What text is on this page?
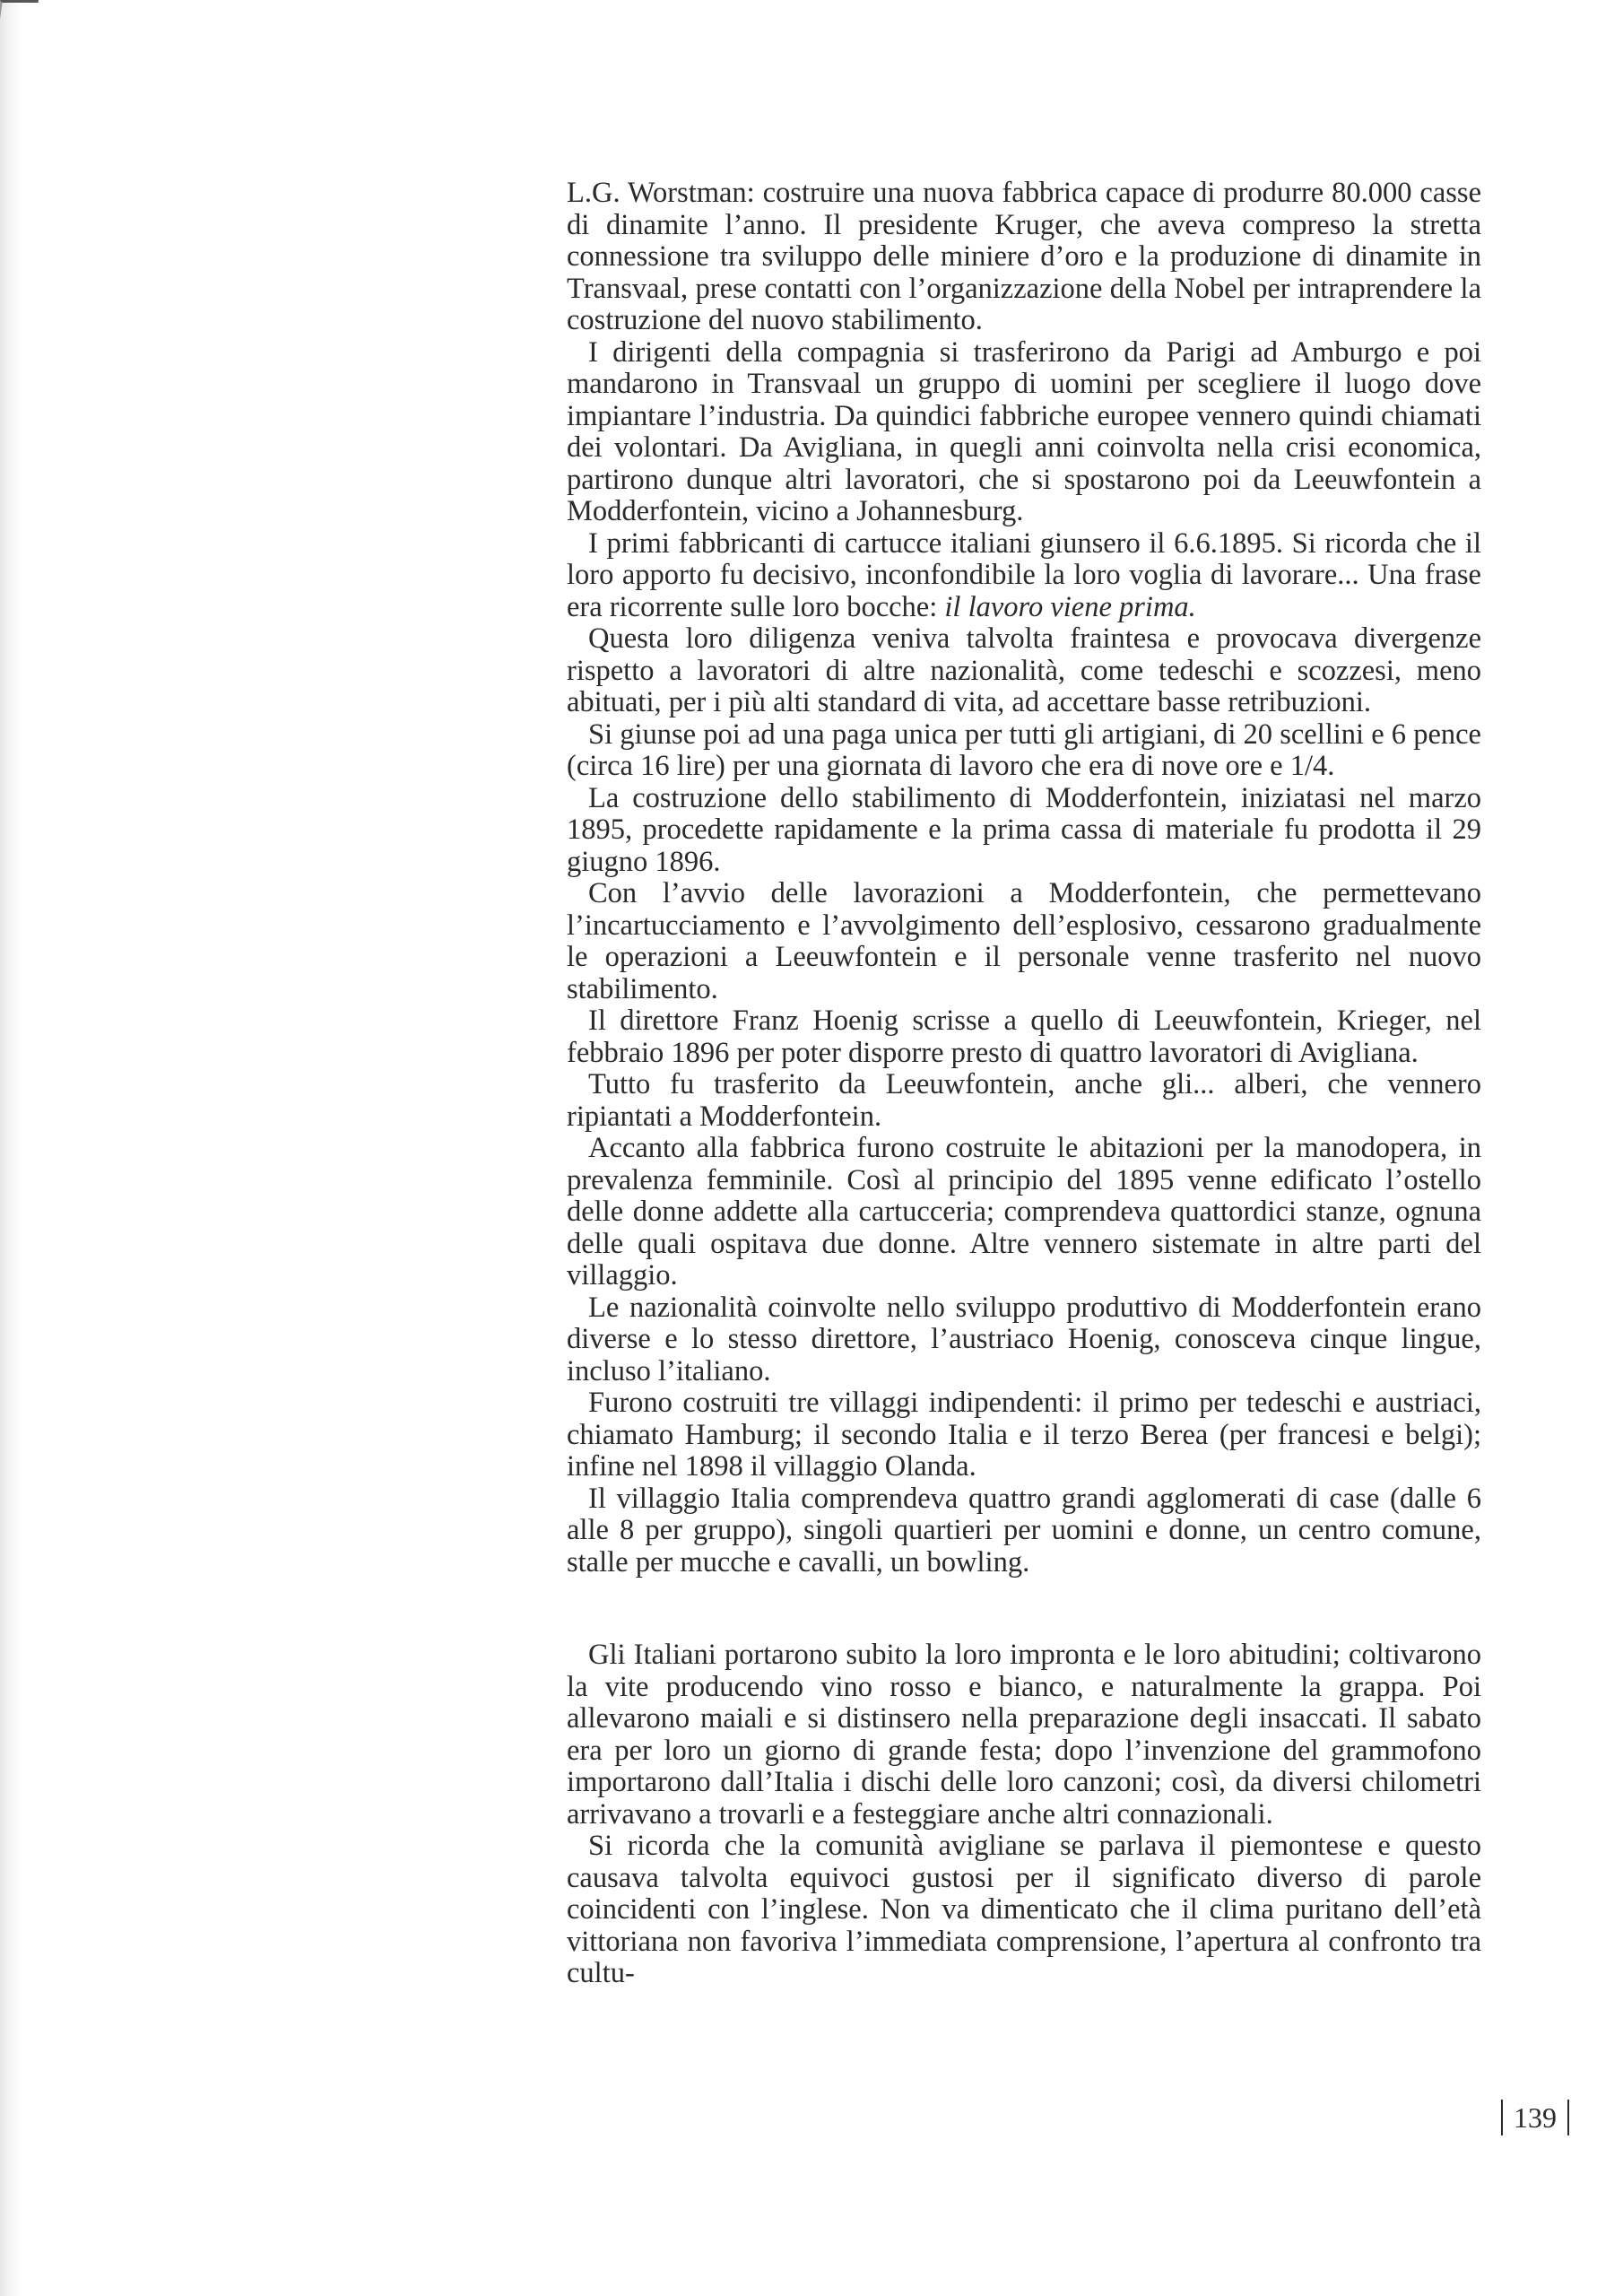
L.G. Worstman: costruire una nuova fabbrica capace di produrre 80.000 casse di dinamite l’anno. Il presidente Kruger, che aveva compreso la stretta connessione tra sviluppo delle miniere d’oro e la produzione di dinamite in Transvaal, prese contatti con l’organizzazione della Nobel per intraprendere la costruzione del nuovo stabilimento.

I dirigenti della compagnia si trasferirono da Parigi ad Amburgo e poi mandarono in Transvaal un gruppo di uomini per scegliere il luogo dove impiantare l’industria. Da quindici fabbriche europee vennero quindi chiamati dei volontari. Da Avigliana, in quegli anni coinvolta nella crisi economica, partirono dunque altri lavoratori, che si spostarono poi da Leeuwfontein a Modderfontein, vicino a Johannesburg.

I primi fabbricanti di cartucce italiani giunsero il 6.6.1895. Si ricorda che il loro apporto fu decisivo, inconfondibile la loro voglia di lavorare... Una frase era ricorrente sulle loro bocche: il lavoro viene prima.

Questa loro diligenza veniva talvolta fraintesa e provocava divergenze rispetto a lavoratori di altre nazionalità, come tedeschi e scozzesi, meno abituati, per i più alti standard di vita, ad accettare basse retribuzioni.

Si giunse poi ad una paga unica per tutti gli artigiani, di 20 scellini e 6 pence (circa 16 lire) per una giornata di lavoro che era di nove ore e 1/4.

La costruzione dello stabilimento di Modderfontein, iniziatasi nel marzo 1895, procedette rapidamente e la prima cassa di materiale fu prodotta il 29 giugno 1896.

Con l’avvio delle lavorazioni a Modderfontein, che permettevano l’incartucciamento e l’avvolgimento dell’esplosivo, cessarono gradualmente le operazioni a Leeuwfontein e il personale venne trasferito nel nuovo stabilimento.

Il direttore Franz Hoenig scrisse a quello di Leeuwfontein, Krieger, nel febbraio 1896 per poter disporre presto di quattro lavoratori di Avigliana.

Tutto fu trasferito da Leeuwfontein, anche gli... alberi, che vennero ripiantati a Modderfontein.

Accanto alla fabbrica furono costruite le abitazioni per la manodopera, in prevalenza femminile. Così al principio del 1895 venne edificato l’ostello delle donne addette alla cartucceria; comprendeva quattordici stanze, ognuna delle quali ospitava due donne. Altre vennero sistemate in altre parti del villaggio.

Le nazionalità coinvolte nello sviluppo produttivo di Modderfontein erano diverse e lo stesso direttore, l’austriaco Hoenig, conosceva cinque lingue, incluso l’italiano.

Furono costruiti tre villaggi indipendenti: il primo per tedeschi e austriaci, chiamato Hamburg; il secondo Italia e il terzo Berea (per francesi e belgi); infine nel 1898 il villaggio Olanda.

Il villaggio Italia comprendeva quattro grandi agglomerati di case (dalle 6 alle 8 per gruppo), singoli quartieri per uomini e donne, un centro comune, stalle per mucche e cavalli, un bowling.

Gli Italiani portarono subito la loro impronta e le loro abitudini; coltivarono la vite producendo vino rosso e bianco, e naturalmente la grappa. Poi allevarono maiali e si distinsero nella preparazione degli insaccati. Il sabato era per loro un giorno di grande festa; dopo l’invenzione del grammofono importarono dall’Italia i dischi delle loro canzoni; così, da diversi chilometri arrivavano a trovarli e a festeggiare anche altri connazionali.

Si ricorda che la comunità avigliane se parlava il piemontese e questo causava talvolta equivoci gustosi per il significato diverso di parole coincidenti con l’inglese. Non va dimenticato che il clima puritano dell’età vittoriana non favoriva l’immediata comprensione, l’apertura al confronto tra cultu-

139
